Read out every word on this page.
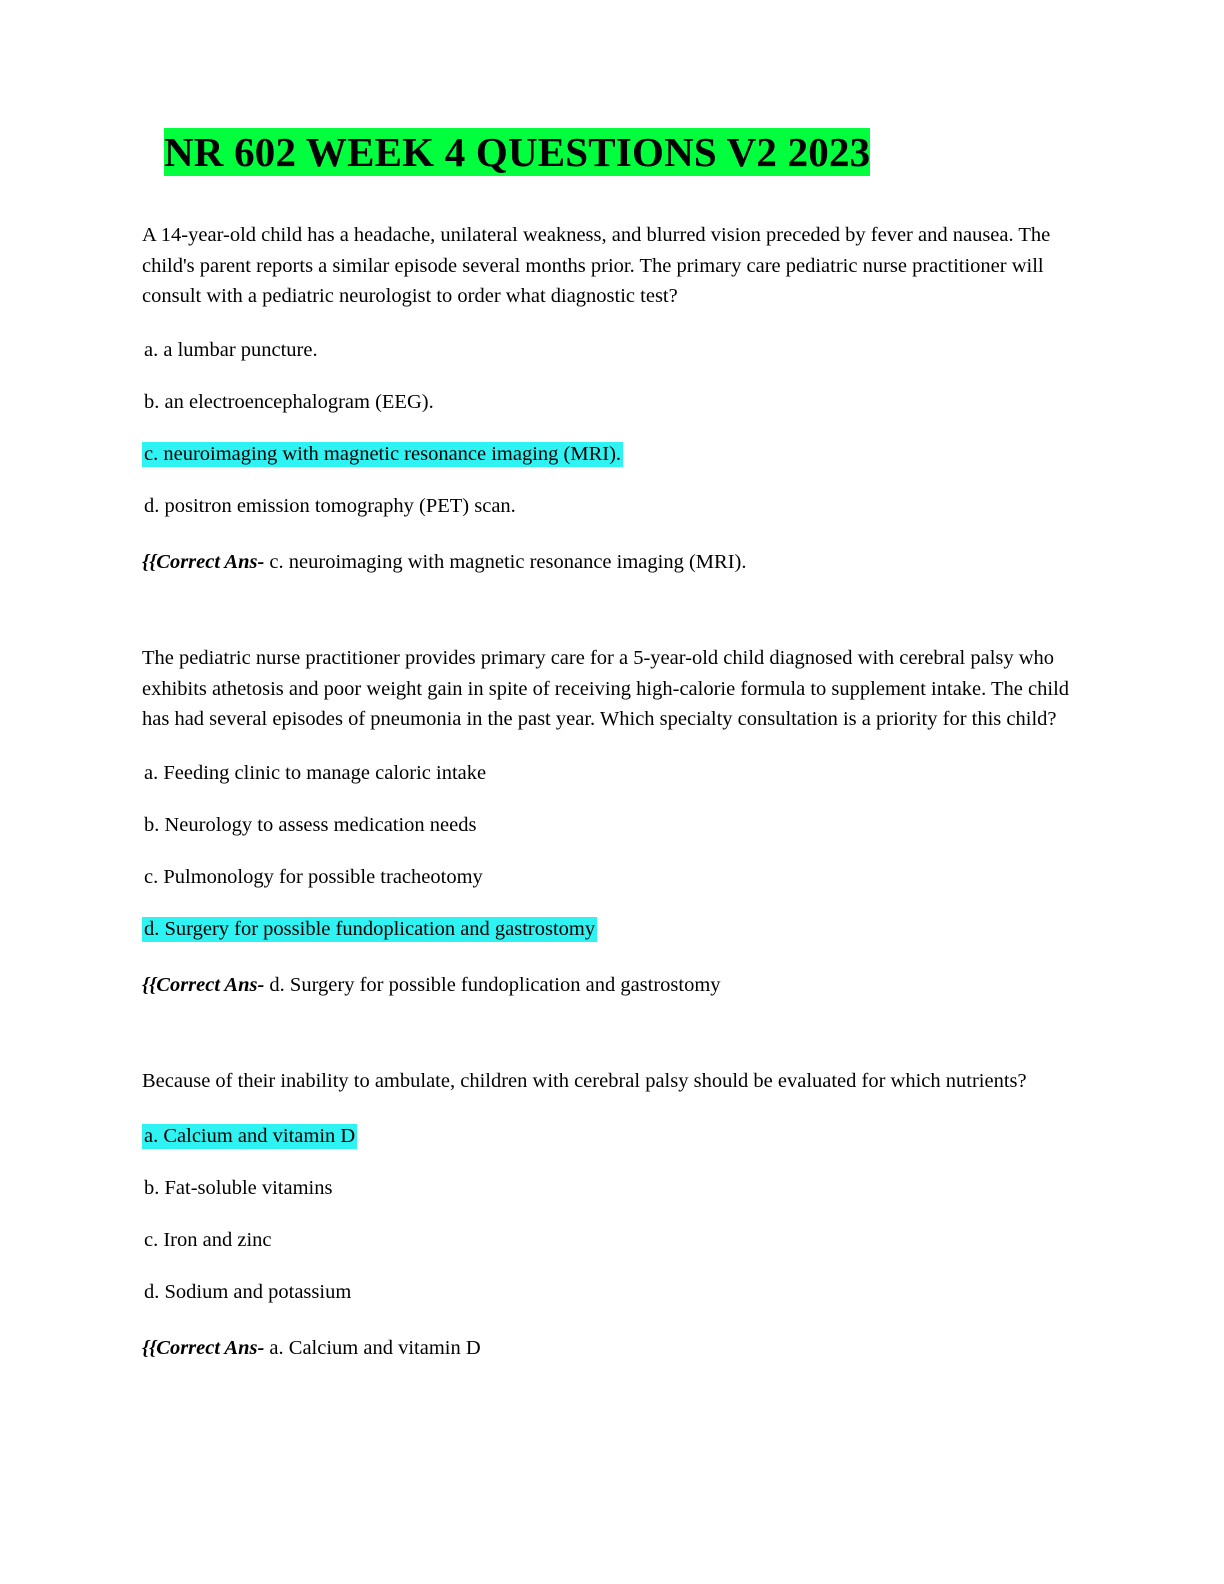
NR 602 WEEK 4 QUESTIONS V2 2023

A 14-year-old child has a headache, unilateral weakness, and blurred vision preceded by fever and nausea. The child's parent reports a similar episode several months prior. The primary care pediatric nurse practitioner will consult with a pediatric neurologist to order what diagnostic test?

a. a lumbar puncture.

b. an electroencephalogram (EEG).

c. neuroimaging with magnetic resonance imaging (MRI).

d. positron emission tomography (PET) scan.

{{Correct Ans- c. neuroimaging with magnetic resonance imaging (MRI).

The pediatric nurse practitioner provides primary care for a 5-year-old child diagnosed with cerebral palsy who exhibits athetosis and poor weight gain in spite of receiving high-calorie formula to supplement intake. The child has had several episodes of pneumonia in the past year. Which specialty consultation is a priority for this child?

a. Feeding clinic to manage caloric intake

b. Neurology to assess medication needs

c. Pulmonology for possible tracheotomy

d. Surgery for possible fundoplication and gastrostomy

{{Correct Ans- d. Surgery for possible fundoplication and gastrostomy

Because of their inability to ambulate, children with cerebral palsy should be evaluated for which nutrients?

a. Calcium and vitamin D

b. Fat-soluble vitamins

c. Iron and zinc

d. Sodium and potassium

{{Correct Ans- a. Calcium and vitamin D
